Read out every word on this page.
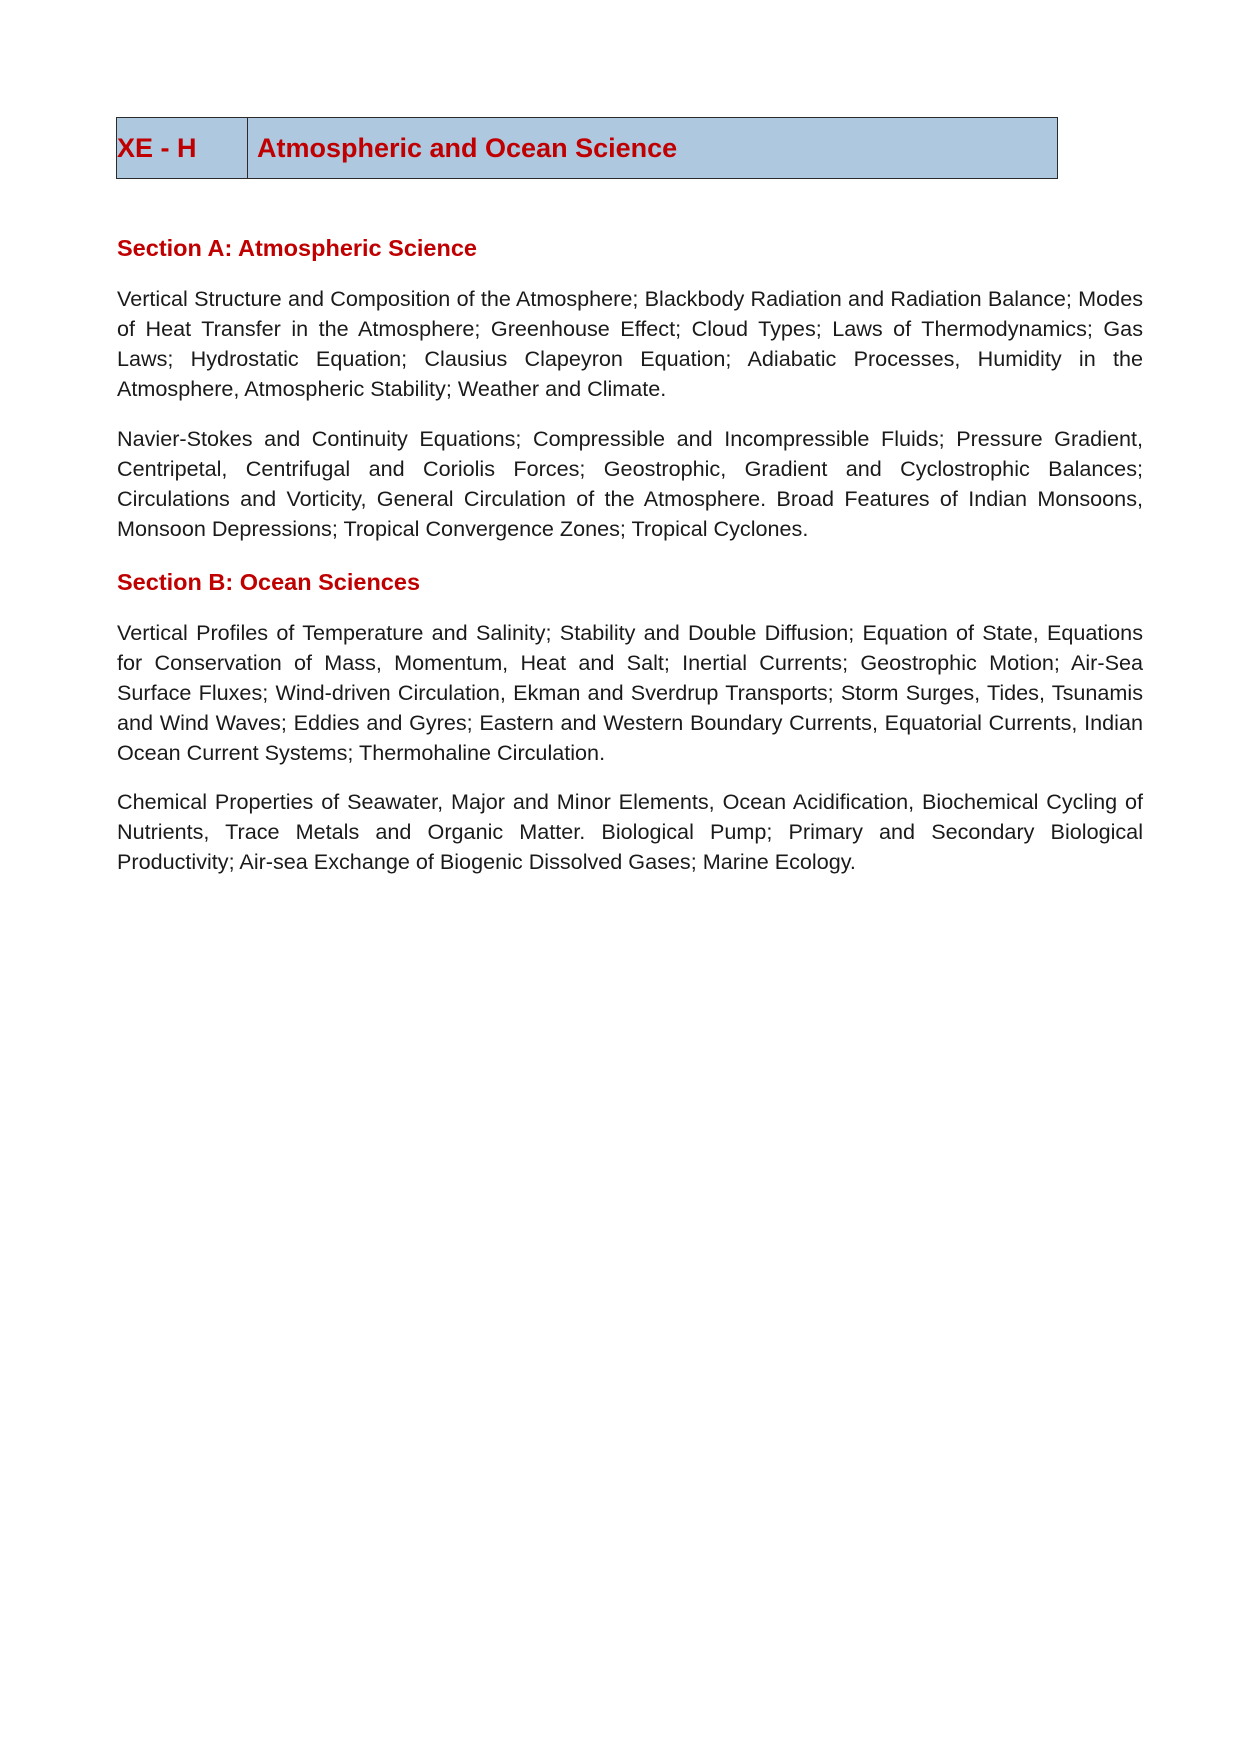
XE - H	Atmospheric and Ocean Science
Section A: Atmospheric Science

Vertical Structure and Composition of the Atmosphere; Blackbody Radiation and Radiation Balance; Modes of Heat Transfer in the Atmosphere; Greenhouse Effect; Cloud Types; Laws of Thermodynamics; Gas Laws; Hydrostatic Equation; Clausius Clapeyron Equation; Adiabatic Processes, Humidity in the Atmosphere, Atmospheric Stability; Weather and Climate.

Navier-Stokes and Continuity Equations; Compressible and Incompressible Fluids; Pressure Gradient, Centripetal, Centrifugal and Coriolis Forces; Geostrophic, Gradient and Cyclostrophic Balances; Circulations and Vorticity, General Circulation of the Atmosphere. Broad Features of Indian Monsoons, Monsoon Depressions; Tropical Convergence Zones; Tropical Cyclones.

Section B: Ocean Sciences

Vertical Profiles of Temperature and Salinity; Stability and Double Diffusion; Equation of State, Equations for Conservation of Mass, Momentum, Heat and Salt; Inertial Currents; Geostrophic Motion; Air-Sea Surface Fluxes; Wind-driven Circulation, Ekman and Sverdrup Transports; Storm Surges, Tides, Tsunamis and Wind Waves; Eddies and Gyres; Eastern and Western Boundary Currents, Equatorial Currents, Indian Ocean Current Systems; Thermohaline Circulation.

Chemical Properties of Seawater, Major and Minor Elements, Ocean Acidification, Biochemical Cycling of Nutrients, Trace Metals and Organic Matter. Biological Pump; Primary and Secondary Biological Productivity; Air-sea Exchange of Biogenic Dissolved Gases; Marine Ecology.
